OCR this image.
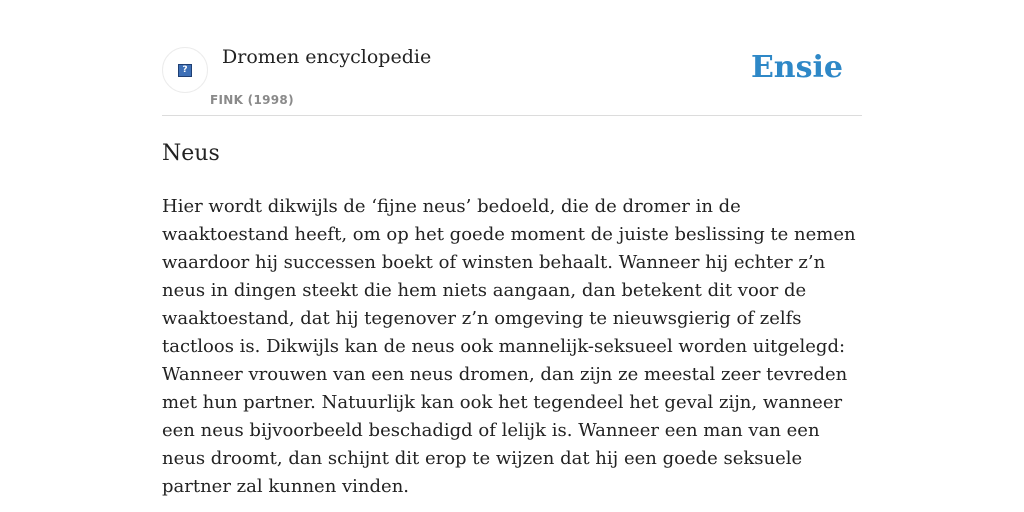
?
Dromen encyclopedie
FINK (1998)
Ensie
Neus

Hier wordt dikwijls de ‘fijne neus’ bedoeld, die de dromer in de waaktoestand heeft, om op het goede moment de juiste beslissing te nemen waardoor hij successen boekt of winsten behaalt. Wanneer hij echter z’n neus in dingen steekt die hem niets aangaan, dan betekent dit voor de waaktoestand, dat hij tegenover z’n omgeving te nieuwsgierig of zelfs tactloos is. Dikwijls kan de neus ook mannelijk-seksueel worden uitgelegd: Wanneer vrouwen van een neus dromen, dan zijn ze meestal zeer tevreden met hun partner. Natuurlijk kan ook het tegendeel het geval zijn, wanneer een neus bijvoorbeeld beschadigd of lelijk is. Wanneer een man van een neus droomt, dan schijnt dit erop te wijzen dat hij een goede seksuele partner zal kunnen vinden.
